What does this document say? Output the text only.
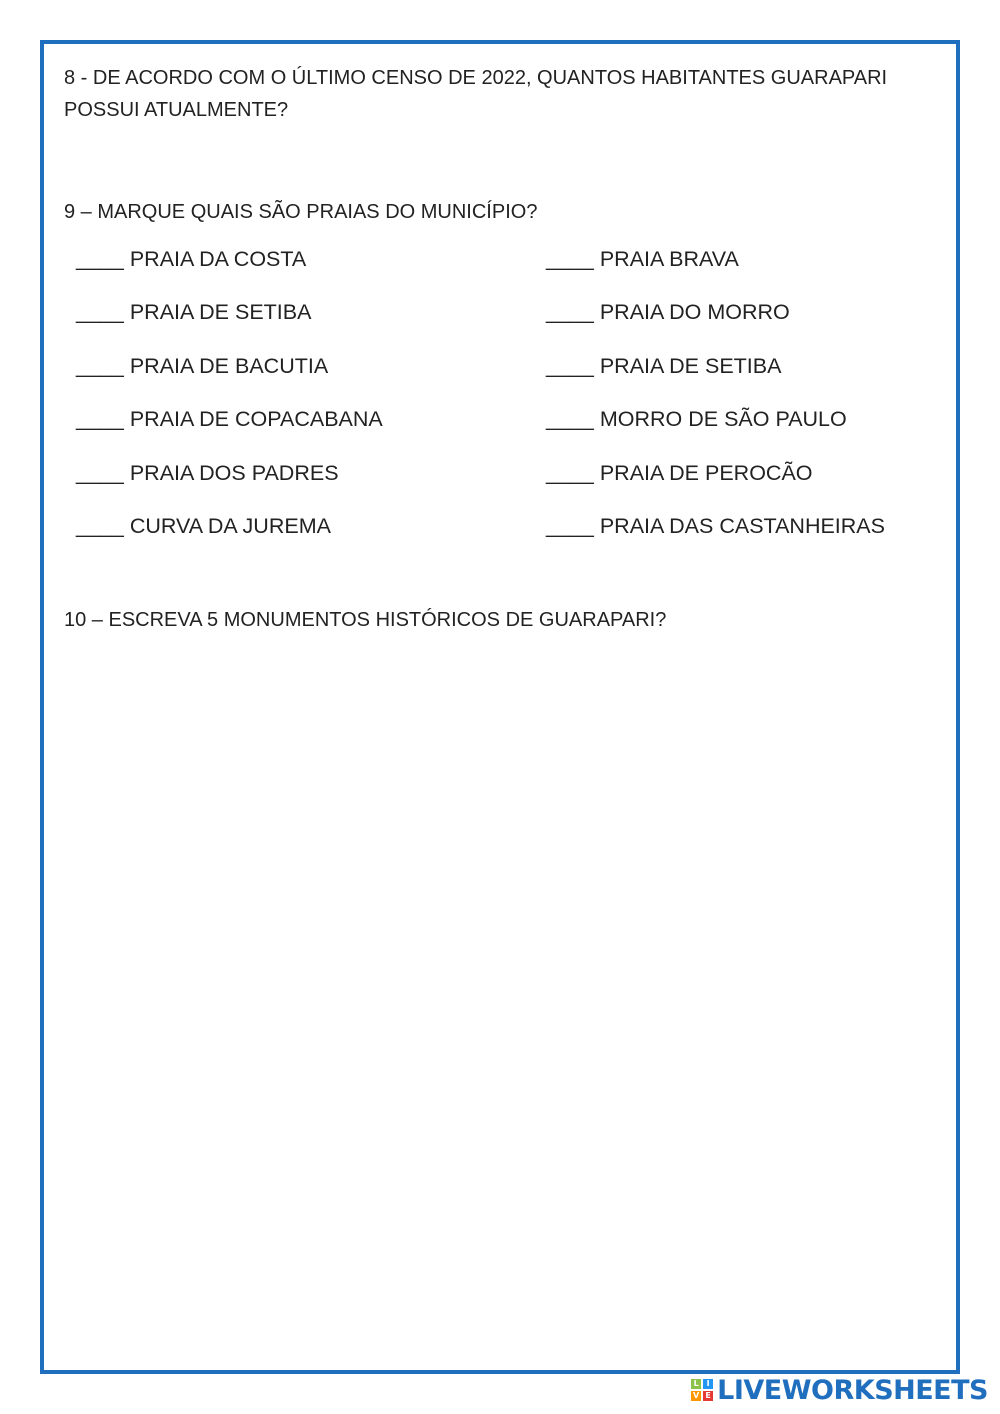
8 - DE ACORDO COM O ÚLTIMO CENSO DE 2022, QUANTOS HABITANTES GUARAPARI POSSUI ATUALMENTE?

9 – MARQUE QUAIS SÃO PRAIAS DO MUNICÍPIO?

____ PRAIA DA COSTA
____ PRAIA DE SETIBA
____ PRAIA DE BACUTIA
____ PRAIA DE COPACABANA
____ PRAIA DOS PADRES
____ CURVA DA JUREMA
____ PRAIA BRAVA
____ PRAIA DO MORRO
____ PRAIA DE SETIBA
____ MORRO DE SÃO PAULO
____ PRAIA DE PEROCÃO
____ PRAIA DAS CASTANHEIRAS

10 – ESCREVA 5 MONUMENTOS HISTÓRICOS DE GUARAPARI?

L I
V E LIVEWORKSHEETS
